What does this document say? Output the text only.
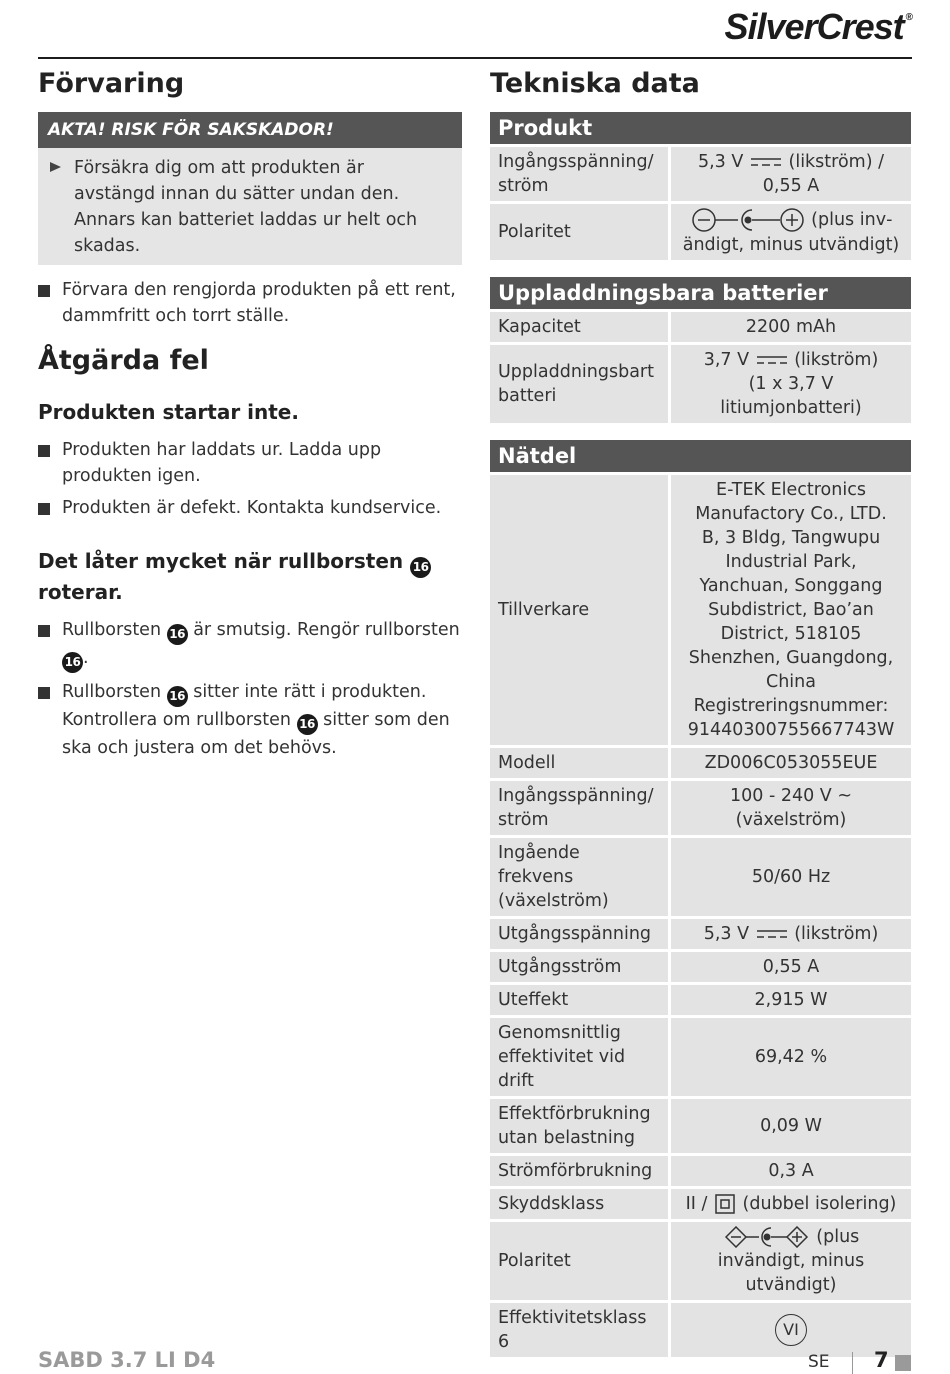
SilverCrest ®
Förvaring
AKTA! RISK FÖR SAKSKADOR!
Försäkra dig om att produkten är avstängd innan du sätter undan den. Annars kan batteriet laddas ur helt och skadas.
Förvara den rengjorda produkten på ett rent, dammfritt och torrt ställe.
Åtgärda fel
Produkten startar inte.
Produkten har laddats ur. Ladda upp produkten igen.
Produkten är defekt. Kontakta kundservice.
Det låter mycket när rullborsten 16
roterar.
Rullborsten 16 är smutsig. Rengör rullborsten 16 .
Rullborsten 16 sitter inte rätt i produkten. Kontrollera om rullborsten 16 sitter som den ska och justera om det behövs.
Tekniska data
Produkt
Ingångsspänning/ ström	5,3 V (likström) / 0,55 A
Polaritet	(plus invändigt, minus utvändigt)
Uppladdningsbara batterier
Kapacitet	2200 mAh
Uppladdningsbart batteri	3,7 V (likström)
(1 x 3,7 V litiumjonbatteri)
Nätdel
Tillverkare	E-TEK Electronics Manufactory Co., LTD. B, 3 Bldg, Tangwupu Industrial Park, Yanchuan, Songgang Subdistrict, Bao’an District, 518105 Shenzhen, Guangdong, China Registreringsnummer: 91440300755667743W
Modell	ZD006C053055EUE
Ingångsspänning/ ström	100 - 240 V ~ (växelström)
Ingående frekvens (växelström)	50/60 Hz
Utgångsspänning	5,3 V (likström)
Utgångsström	0,55 A
Uteffekt	2,915 W
Genomsnittlig effektivitet vid drift	69,42 %
Effektförbrukning utan belastning	0,09 W
Strömförbrukning	0,3 A
Skyddsklass	II / (dubbel isolering)
Polaritet	(plus invändigt, minus utvändigt)
Effektivitetsklass 6	VI
SABD 3.7 LI D4	SE 7
